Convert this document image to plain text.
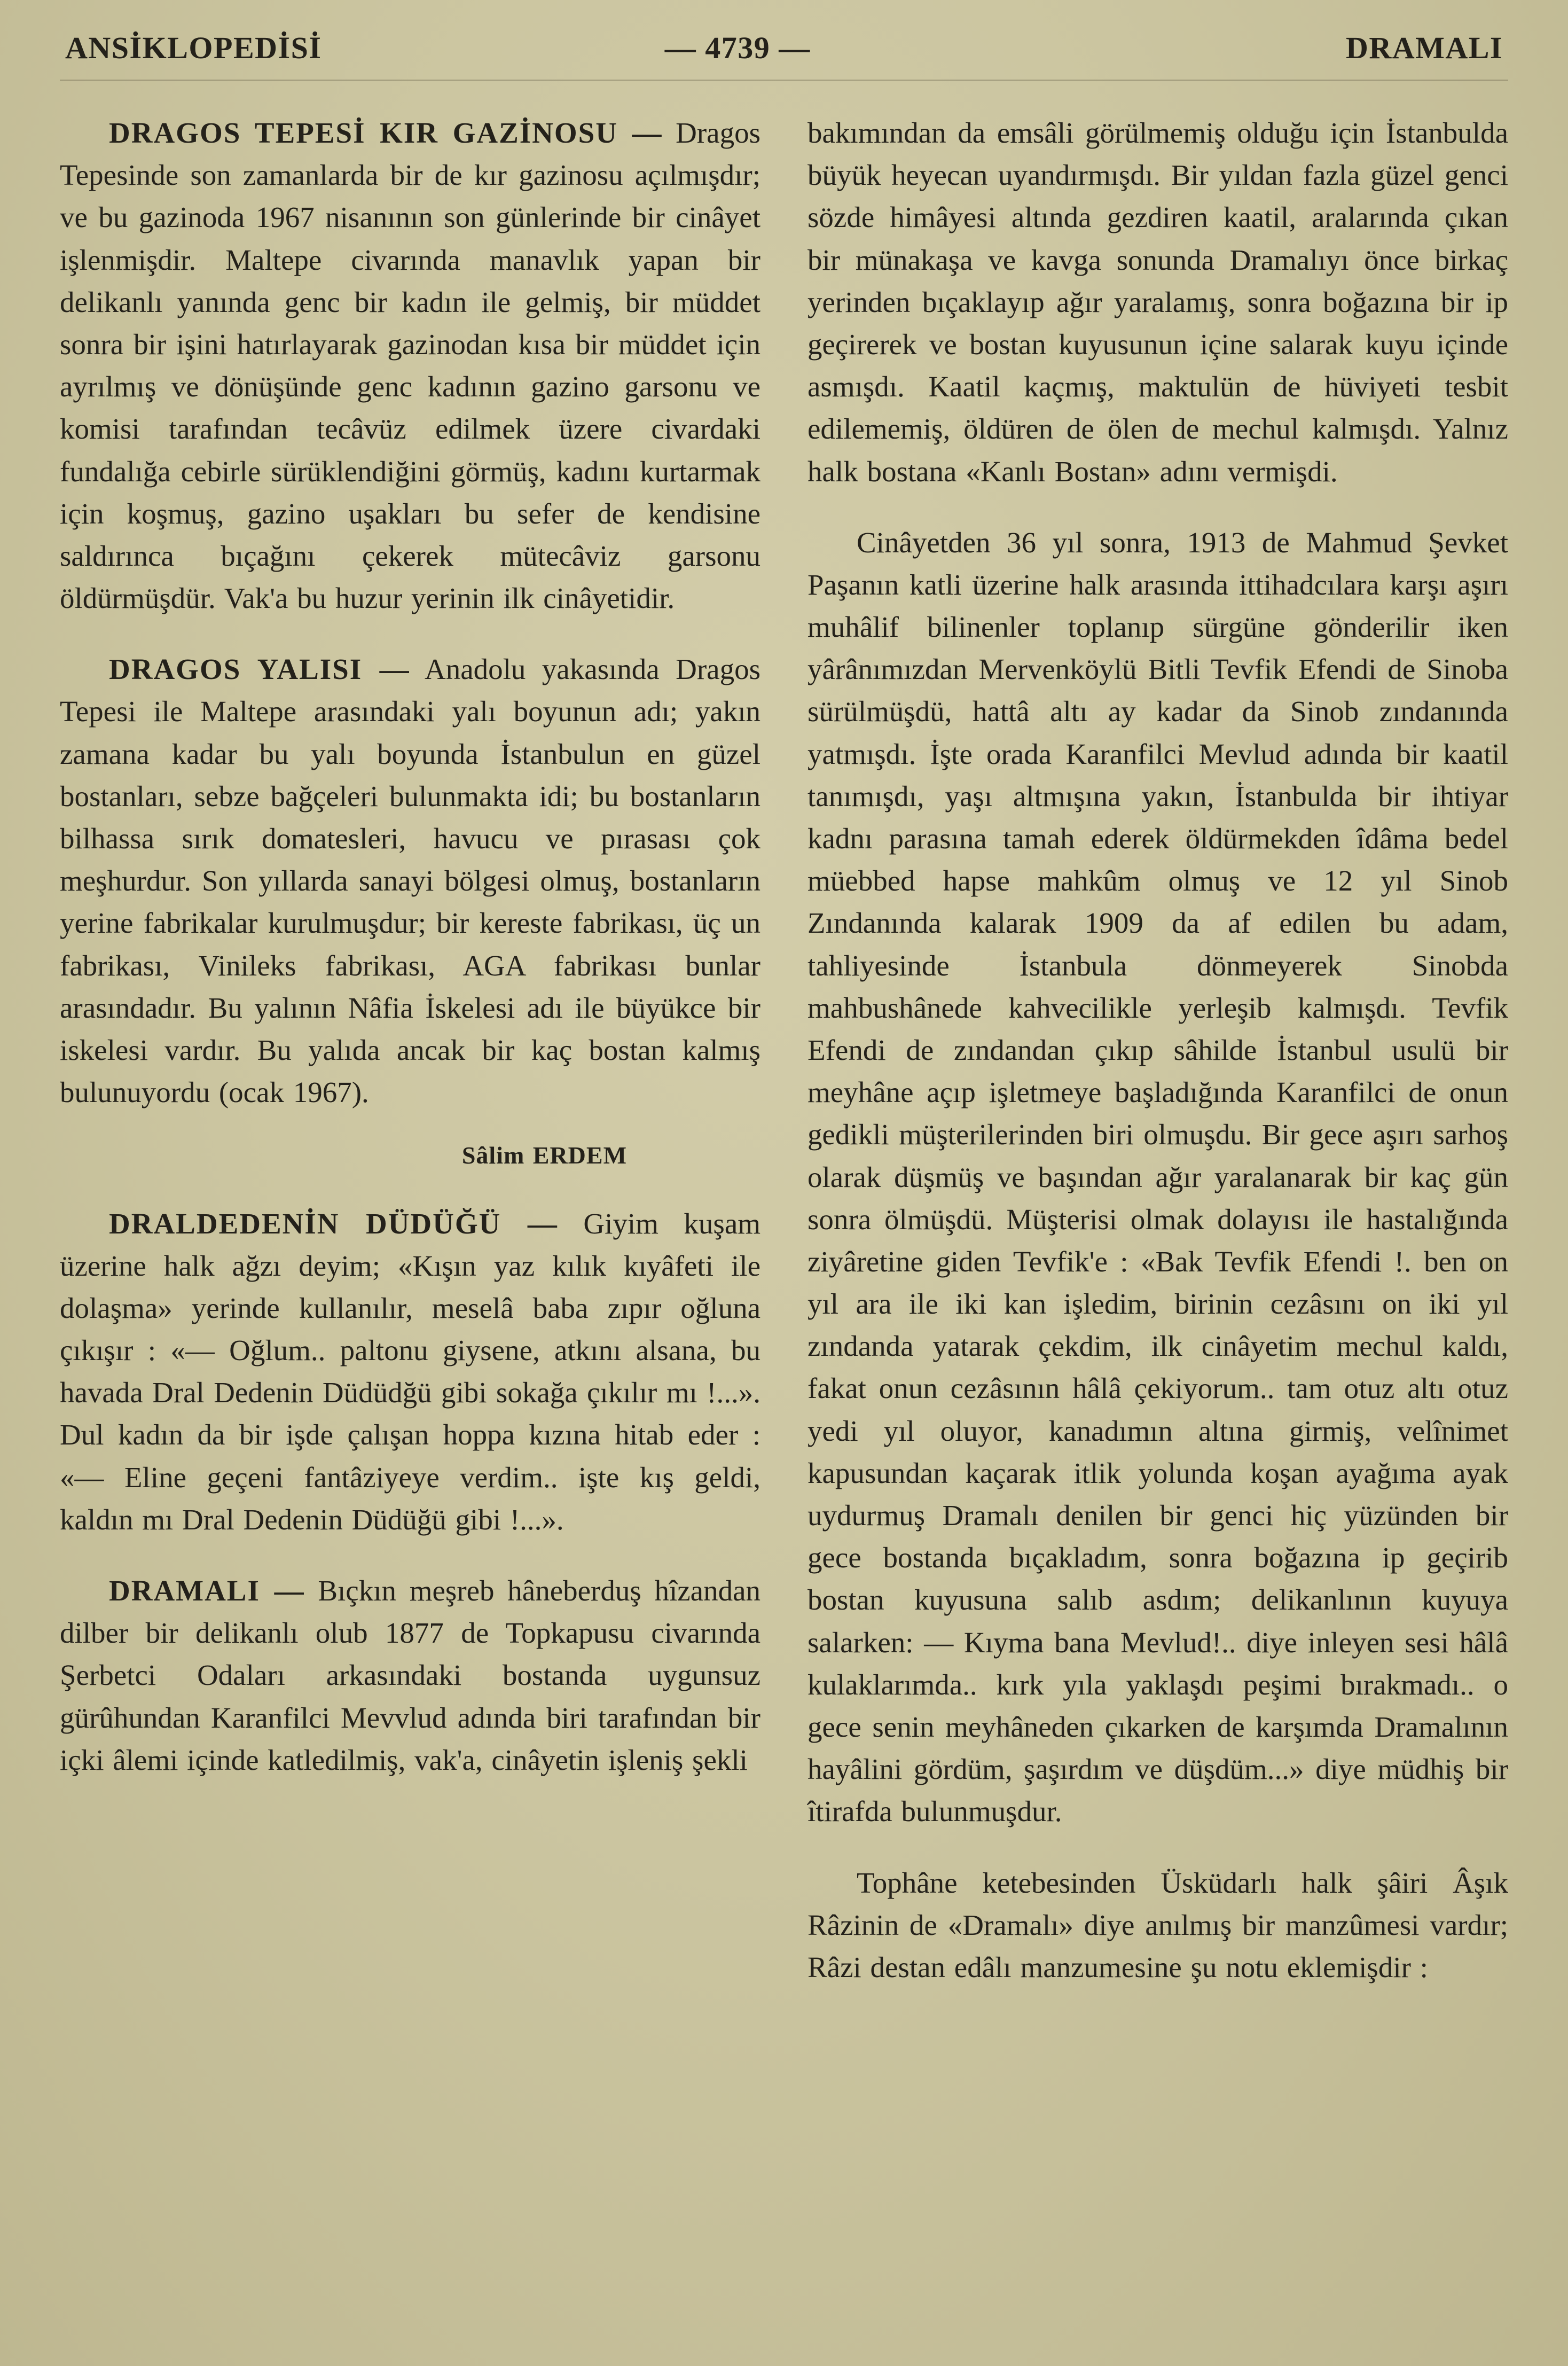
ANSİKLOPEDİSİ	— 4739 —	DRAMALI

DRAGOS TEPESİ KIR GAZİNOSU — Dragos Tepesinde son zamanlarda bir de kır gazinosu açılmışdır; ve bu gazinoda 1967 nisanının son günlerinde bir cinâyet işlenmişdir. Maltepe civarında manavlık yapan bir delikanlı yanında genc bir kadın ile gelmiş, bir müddet sonra bir işini hatırlayarak gazinodan kısa bir müddet için ayrılmış ve dönüşünde genc kadının gazino garsonu ve komisi tarafından tecâvüz edilmek üzere civardaki fundalığa cebirle sürüklendiğini görmüş, kadını kurtarmak için koşmuş, gazino uşakları bu sefer de kendisine saldırınca bıçağını çekerek mütecâviz garsonu öldürmüşdür. Vak'a bu huzur yerinin ilk cinâyetidir.

DRAGOS YALISI — Anadolu yakasında Dragos Tepesi ile Maltepe arasındaki yalı boyunun adı; yakın zamana kadar bu yalı boyunda İstanbulun en güzel bostanları, sebze bağçeleri bulunmakta idi; bu bostanların bilhassa sırık domatesleri, havucu ve pırasası çok meşhurdur. Son yıllarda sanayi bölgesi olmuş, bostanların yerine fabrikalar kurulmuşdur; bir kereste fabrikası, üç un fabrikası, Vinileks fabrikası, AGA fabrikası bunlar arasındadır. Bu yalının Nâfia İskelesi adı ile büyükce bir iskelesi vardır. Bu yalıda ancak bir kaç bostan kalmış bulunuyordu (ocak 1967).

Sâlim ERDEM

DRALDEDENİN DÜDÜĞÜ — Giyim kuşam üzerine halk ağzı deyim; «Kışın yaz kılık kıyâfeti ile dolaşma» yerinde kullanılır, meselâ baba zıpır oğluna çıkışır : «— Oğlum.. paltonu giysene, atkını alsana, bu havada Dral Dedenin Düdüdğü gibi sokağa çıkılır mı !...». Dul kadın da bir işde çalışan hoppa kızına hitab eder : «— Eline geçeni fantâziyeye verdim.. işte kış geldi, kaldın mı Dral Dedenin Düdüğü gibi !...».

DRAMALI — Bıçkın meşreb hâneberduş hîzandan dilber bir delikanlı olub 1877 de Topkapusu civarında Şerbetci Odaları arkasındaki bostanda uygunsuz gürûhundan Karanfilci Mevvlud adında biri tarafından bir içki âlemi içinde katledilmiş, vak'a, cinâyetin işleniş şekli

bakımından da emsâli görülmemiş olduğu için İstanbulda büyük heyecan uyandırmışdı. Bir yıldan fazla güzel genci sözde himâyesi altında gezdiren kaatil, aralarında çıkan bir münakaşa ve kavga sonunda Dramalıyı önce birkaç yerinden bıçaklayıp ağır yaralamış, sonra boğazına bir ip geçirerek ve bostan kuyusunun içine salarak kuyu içinde asmışdı. Kaatil kaçmış, maktulün de hüviyeti tesbit edilememiş, öldüren de ölen de mechul kalmışdı. Yalnız halk bostana «Kanlı Bostan» adını vermişdi.

Cinâyetden 36 yıl sonra, 1913 de Mahmud Şevket Paşanın katli üzerine halk arasında ittihadcılara karşı aşırı muhâlif bilinenler toplanıp sürgüne gönderilir iken yârânımızdan Mervenköylü Bitli Tevfik Efendi de Sinoba sürülmüşdü, hattâ altı ay kadar da Sinob zındanında yatmışdı. İşte orada Karanfilci Mevlud adında bir kaatil tanımışdı, yaşı altmışına yakın, İstanbulda bir ihtiyar kadnı parasına tamah ederek öldürmekden îdâma bedel müebbed hapse mahkûm olmuş ve 12 yıl Sinob Zındanında kalarak 1909 da af edilen bu adam, tahliyesinde İstanbula dönmeyerek Sinobda mahbushânede kahvecilikle yerleşib kalmışdı. Tevfik Efendi de zındandan çıkıp sâhilde İstanbul usulü bir meyhâne açıp işletmeye başladığında Karanfilci de onun gedikli müşterilerinden biri olmuşdu. Bir gece aşırı sarhoş olarak düşmüş ve başından ağır yaralanarak bir kaç gün sonra ölmüşdü. Müşterisi olmak dolayısı ile hastalığında ziyâretine giden Tevfik'e : «Bak Tevfik Efendi !. ben on yıl ara ile iki kan işledim, birinin cezâsını on iki yıl zındanda yatarak çekdim, ilk cinâyetim mechul kaldı, fakat onun cezâsının hâlâ çekiyorum.. tam otuz altı otuz yedi yıl oluyor, kanadımın altına girmiş, velînimet kapusundan kaçarak itlik yolunda koşan ayağıma ayak uydurmuş Dramalı denilen bir genci hiç yüzünden bir gece bostanda bıçakladım, sonra boğazına ip geçirib bostan kuyusuna salıb asdım; delikanlının kuyuya salarken: — Kıyma bana Mevlud!.. diye inleyen sesi hâlâ kulaklarımda.. kırk yıla yaklaşdı peşimi bırakmadı.. o gece senin meyhâneden çıkarken de karşımda Dramalının hayâlini gördüm, şaşırdım ve düşdüm...» diye müdhiş bir îtirafda bulunmuşdur.

Tophâne ketebesinden Üsküdarlı halk şâiri Âşık Râzinin de «Dramalı» diye anılmış bir manzûmesi vardır; Râzi destan edâlı manzumesine şu notu eklemişdir :
